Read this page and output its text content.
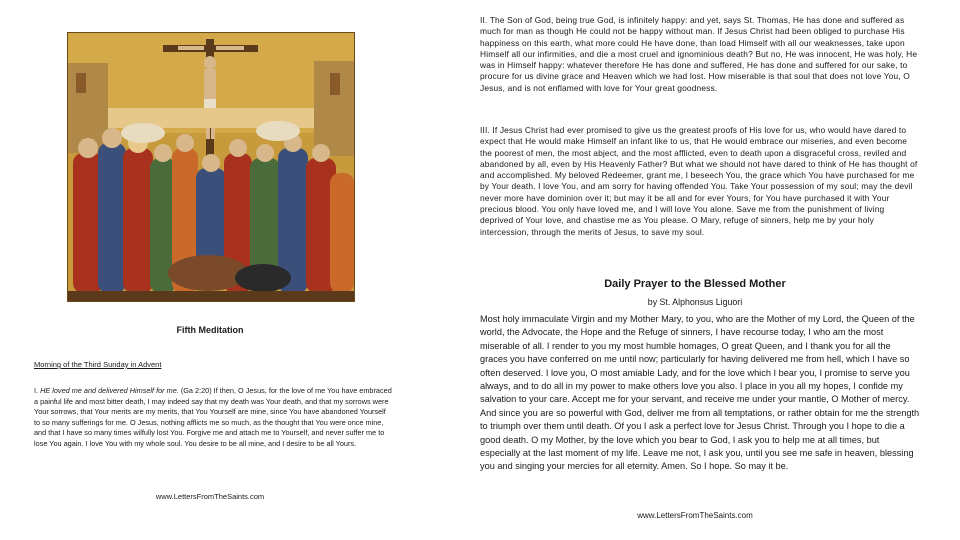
Fifth Meditation
Morning of the Third Sunday in Advent
I. HE loved me and delivered Himself for me. (Ga 2:20) If then, O Jesus, for the love of me You have embraced a painful life and most bitter death, I may indeed say that my death was Your death, and that my sorrows were Your sorrows, that Your merits are my merits, that You Yourself are mine, since You have abandoned Yourself to so many sufferings for me. O Jesus, nothing afflicts me so much, as the thought that You were once mine, and that I have so many times wilfully lost You. Forgive me and attach me to Yourself, and never suffer me to lose You again. I love You with my whole soul. You desire to be all mine, and I desire to be all Yours.
www.LettersFromTheSaints.com
II. The Son of God, being true God, is infinitely happy: and yet, says St. Thomas, He has done and suffered as much for man as though He could not be happy without man. If Jesus Christ had been obliged to purchase His happiness on this earth, what more could He have done, than load Himself with all our weaknesses, take upon Himself all our infirmities, and die a most cruel and ignominious death? But no, He was innocent, He was holy, He was in Himself happy: whatever therefore He has done and suffered, He has done and suffered for our sake, to procure for us divine grace and Heaven which we had lost. How miserable is that soul that does not love You, O Jesus, and is not enflamed with love for Your great goodness.
III. If Jesus Christ had ever promised to give us the greatest proofs of His love for us, who would have dared to expect that He would make Himself an infant like to us, that He would embrace our miseries, and even become the poorest of men, the most abject, and the most afflicted, even to death upon a disgraceful cross, reviled and abandoned by all, even by His Heavenly Father? But what we should not have dared to think of He has thought of and accomplished. My beloved Redeemer, grant me, I beseech You, the grace which You have purchased for me by Your death. I love You, and am sorry for having offended You. Take Your possession of my soul; may the devil never more have dominion over it; but may it be all and for ever Yours, for You have purchased it with Your precious blood. You only have loved me, and I will love You alone. Save me from the punishment of living deprived of Your love, and chastise me as You please. O Mary, refuge of sinners, help me by your holy intercession, through the merits of Jesus, to save my soul.
Daily Prayer to the Blessed Mother
by St. Alphonsus Liguori
Most holy immaculate Virgin and my Mother Mary, to you, who are the Mother of my Lord, the Queen of the world, the Advocate, the Hope and the Refuge of sinners, I have recourse today, I who am the most miserable of all. I render to you my most humble homages, O great Queen, and I thank you for all the graces you have conferred on me until now; particularly for having delivered me from hell, which I have so often deserved. I love you, O most amiable Lady, and for the love which I bear you, I promise to serve you always, and to do all in my power to make others love you also. I place in you all my hopes, I confide my salvation to your care. Accept me for your servant, and receive me under your mantle, O Mother of mercy. And since you are so powerful with God, deliver me from all temptations, or rather obtain for me the strength to triumph over them until death. Of you I ask a perfect love for Jesus Christ. Through you I hope to die a good death. O my Mother, by the love which you bear to God, I ask you to help me at all times, but especially at the last moment of my life. Leave me not, I ask you, until you see me safe in heaven, blessing you and singing your mercies for all eternity. Amen. So I hope. So may it be.
www.LettersFromTheSaints.com
